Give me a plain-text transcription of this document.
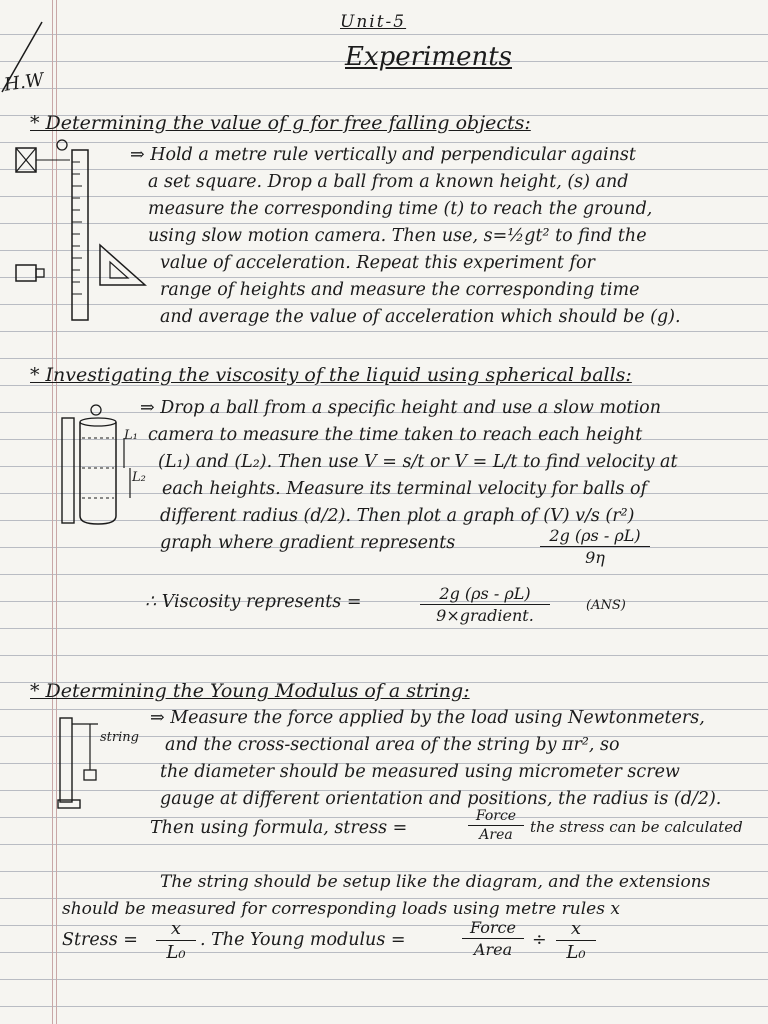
H.W
Unit-5
Experiments
* Determining the value of g for free falling objects:
⇒ Hold a metre rule vertically and perpendicular against
a set square. Drop a ball from a known height, (s) and
measure the corresponding time (t) to reach the ground,
using slow motion camera. Then use, s=½gt² to find the
value of acceleration. Repeat this experiment for
range of heights and measure the corresponding time
and average the value of acceleration which should be (g).
* Investigating the viscosity of the liquid using spherical balls:
L₁
L₂
⇒ Drop a ball from a specific height and use a slow motion
camera to measure the time taken to reach each height
(L₁) and (L₂). Then use V = s/t or V = L/t to find velocity at
each heights. Measure its terminal velocity for balls of
different radius (d/2). Then plot a graph of (V) v/s (r²)
graph where gradient represents	2g (ρs - ρL)
9η
∴ Viscosity represents =	2g (ρs - ρL)
9×gradient.
(ANS)
* Determining the Young Modulus of a string:
string
⇒ Measure the force applied by the load using Newtonmeters,
and the cross-sectional area of the string by πr², so
the diameter should be measured using micrometer screw
gauge at different orientation and positions, the radius is (d/2).
Then using formula, stress =
Force
Area	the stress can be calculated
The string should be setup like the diagram, and the extensions
should be measured for corresponding loads using metre rules x
Stress =
x
L₀
. The Young modulus =
Force
Area	÷
x
L₀
